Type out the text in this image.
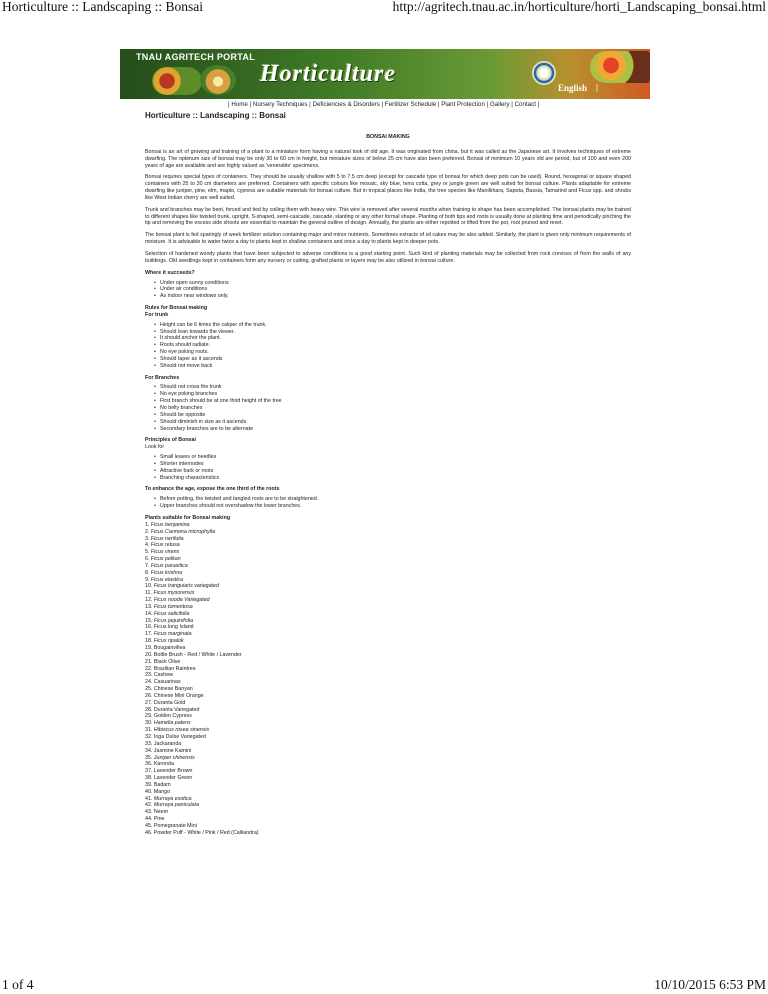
Horticulture :: Landscaping :: Bonsai	http://agritech.tnau.ac.in/horticulture/horti_Landscaping_bonsai.html
TNAU AGRITECH PORTAL
Horticulture
English |
| Home | Nursery Techniques | Deficiencies & Disorders | Fertilizer Schedule | Plant Protection | Gallery | Contact |
Horticulture :: Landscaping :: Bonsai

BONSAI MAKING

Bonsai is an art of growing and training of a plant to a miniature form having a natural look of old age. It was originated from china, but it was called as the Japanese art. It involves techniques of extreme dwarfing. The optimum size of bonsai may be only 30 to 60 cm in height, but miniature sizes of below 25 cm have also been preferred. Bonsai of minimum 10 years old are period, but of 100 and even 200 years of age are available and are highly valued as 'venerable' specimens.

Bonsai requires special types of containers. They should be usually shallow with 5 to 7.5 cm deep (except for cascade type of bonsai for which deep pots can be used). Round, hexagonal or square shaped containers with 25 to 30 cm diameters are preferred. Containers with specific colours like mosaic, sky blue, terra cotta, grey or jungle green are well suited for bonsai culture. Plants adaptable for extreme dwarfing like juniper, pine, elm, maple, cypress are suitable materials for bonsai culture. But in tropical places like India, the tree species like Manilkhara, Sapota, Bassia, Tamarind and Ficus spp. and shrubs like West Indian cherry are well suited.

Trunk and branches may be bent, forced and tied by coiling them with heavy wire. This wire is removed after several months when training to shape has been accomplished. The bonsai plants may be trained to different shapes like twisted trunk, upright, S-shaped, semi-cascade, cascade, slanting or any other formal shape. Planting of both tips and roots is usually done at planting time and periodically pinching the tip and removing the excess side shoots are essential to maintain the general outline of design. Annually, the plants are either repotted or lifted from the pot, root pruned and reset.

The bonsai plant is fed sparingly of week fertilizer solution containing major and minor nutrients. Sometimes extracts of oil cakes may be also added. Similarly, the plant is given only minimum requirements of moisture. It is advisable to water twice a day to plants kept in shallow containers and once a day to plants kept in deeper pots.

Selection of hardened woody plants that have been subjected to adverse conditions is a good starting point. Such kind of planting materials may be collected from rock crevices of from the walls of any buildings. Old seedlings kept in containers form any nursery or cutting, grafted plants or layers may be also utilized in bonsai culture.

Where it succeeds?
• Under open sunny conditions
• Under air conditions
• As indoor near windows only.
Rules for Bonsai making
For trunk
• Height can be 6 times the caliper of the trunk.
• Should lean towards the viewer.
• It should anchor the plant.
• Roots should radiate.
• No eye poking roots.
• Should taper as it ascends
• Should not move back
For Branches
• Should not cross the trunk
• No eye poking branches
• First branch should be at one third height of the tree
• No belly branches
• Should be opposite
• Should diminish in size as it ascends
• Secondary branches are to be alternate
Principles of Bonsai
Look for
• Small leaves or needles
• Shorter internodes
• Attractive bark or roots
• Branching characteristics
To enhance the age, expose the one third of the roots
• Before potting, the twisted and tangled roots are to be straightened.
• Upper branches should not overshadow the lower branches.
Plants suitable for Bonsai making
1. Ficus benjamina
2. Ficus Carmona microphylla
3. Ficus nerifolia
4. Ficus retusa
5. Ficus virens
6. Ficus pelkan
7. Ficus parasitica
8. Ficus krishna
9. Ficus elastica
10. Ficus tranguiaris variegated
11. Ficus mysorensis
12. Ficus nooda Variegated
13. Ficus tomentosa
14. Ficus salicifolia
15. Ficus jaquinifolia
16. Ficus long Island
17. Ficus marginata
18. Ficus ripalok
19. Bougainvillea
20. Bottle Brush - Red / White / Lavender
21. Black Olive
22. Brazilian Raintree
23. Cashew
24. Casuarinas
25. Chinese Banyan
26. Chinese Mini Orange
27. Duranta Gold
28. Duranta Variegated
29. Golden Cypress
30. Hamelia patens
31. Hibiscus rosea sinensis
32. Inga Dulse Variegated
33. Jackaranda
34. Jasmine Kamini
35. Juniper chinensis
36. Karonda
37. Lavender Brown
38. Lavender Green
39. Badam
40. Mango
41. Murraya exotica
42. Murraya paniculata
43. Neem
44. Pine
45. Pomegranate Mini
46. Powder Puff - White / Pink / Red (Calliandra)
1 of 4	10/10/2015 6:53 PM
